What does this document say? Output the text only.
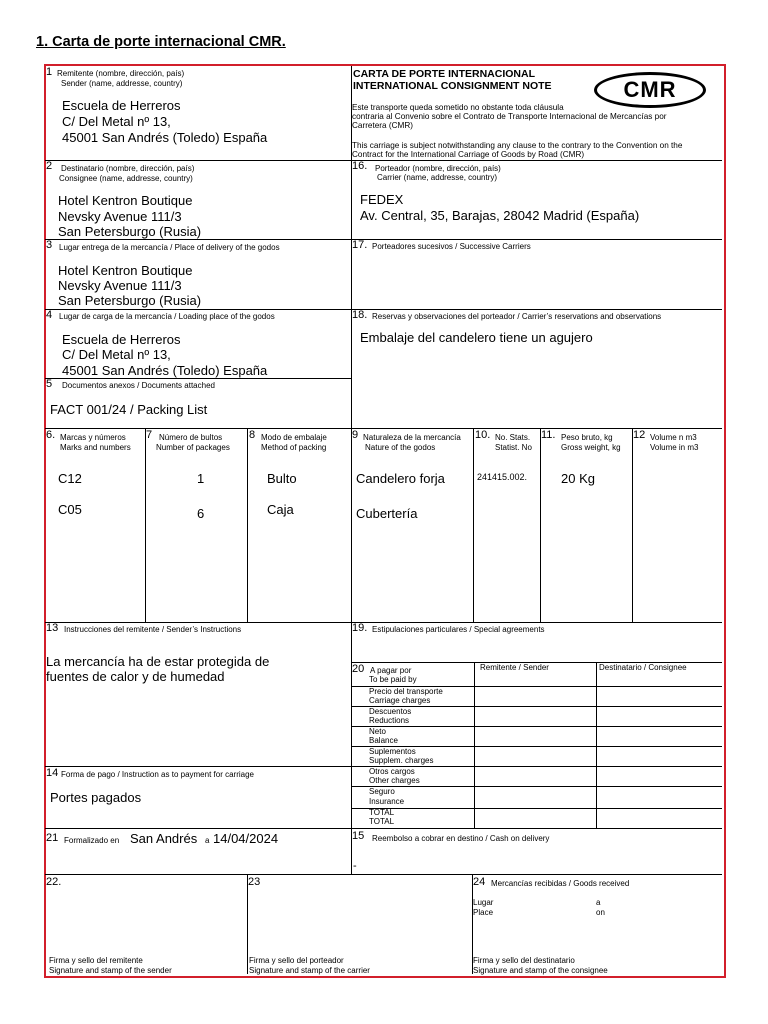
1. Carta de porte internacional CMR.
CARTA DE PORTE INTERNACIONAL
INTERNATIONAL CONSIGNMENT NOTE	CMR
Este transporte queda sometido no obstante toda cláusula
contraria al Convenio sobre el Contrato de Transporte Internacional de Mercancías por
Carretera (CMR)
This carriage is subject notwithstanding any clause to the contrary to the Convention on the
Contract for the International Carriage of Goods by Road (CMR)
1 Remitente (nombre, dirección, país)
Sender (name, addresse, country)
Escuela de Herreros
C/ Del Metal nº 13,
45001 San Andrés (Toledo) España
2 Destinatario (nombre, dirección, país)
Consignee (name, addresse, country)
Hotel Kentron Boutique
Nevsky Avenue 111/3
San Petersburgo (Rusia)
16. Porteador (nombre, dirección, país)
Carrier (name, addresse, country)
FEDEX
Av. Central, 35, Barajas, 28042 Madrid (España)
3 Lugar entrega de la mercancía / Place of delivery of the godos
Hotel Kentron Boutique
Nevsky Avenue 111/3
San Petersburgo (Rusia)
17. Porteadores sucesivos / Successive Carriers
4 Lugar de carga de la mercancía / Loading place of the godos
Escuela de Herreros
C/ Del Metal nº 13,
45001 San Andrés (Toledo) España
18. Reservas y observaciones del porteador / Carrier’s reservations and observations
Embalaje del candelero tiene un agujero
5 Documentos anexos / Documents attached
FACT 001/24 / Packing List
6. Marcas y números
Marks and numbers
7 Número de bultos
Number of packages
8 Modo de embalaje
Method of packing
9 Naturaleza de la mercancía
Nature of the godos
10. No. Stats.
Statist. No
11. Peso bruto, kg
Gross weight, kg
12 Volume n m3
Volume in m3
C12	1	Bulto	Candelero forja	241415.002.	20 Kg
C05	6	Caja	Cubertería
13 Instrucciones del remitente / Sender’s Instructions
La mercancía ha de estar protegida de
fuentes de calor y de humedad
19. Estipulaciones particulares / Special agreements
20 A pagar por
To be paid by
Remitente / Sender	Destinatario / Consignee
Precio del transporte
Carriage charges
Descuentos
Reductions
Neto
Balance
Suplementos
Supplem. charges
Otros cargos
Other charges
Seguro
Insurance
TOTAL
TOTAL
14 Forma de pago / Instruction as to payment for carriage
Portes pagados
21 Formalizado en San Andrés a 14/04/2024	15 Reembolso a cobrar en destino / Cash on delivery
-
22.
Firma y sello del remitente
Signature and stamp of the sender
23
Firma y sello del porteador
Signature and stamp of the carrier
24 Mercancías recibidas / Goods received
Lugar
Place
a
on
Firma y sello del destinatario
Signature and stamp of the consignee
